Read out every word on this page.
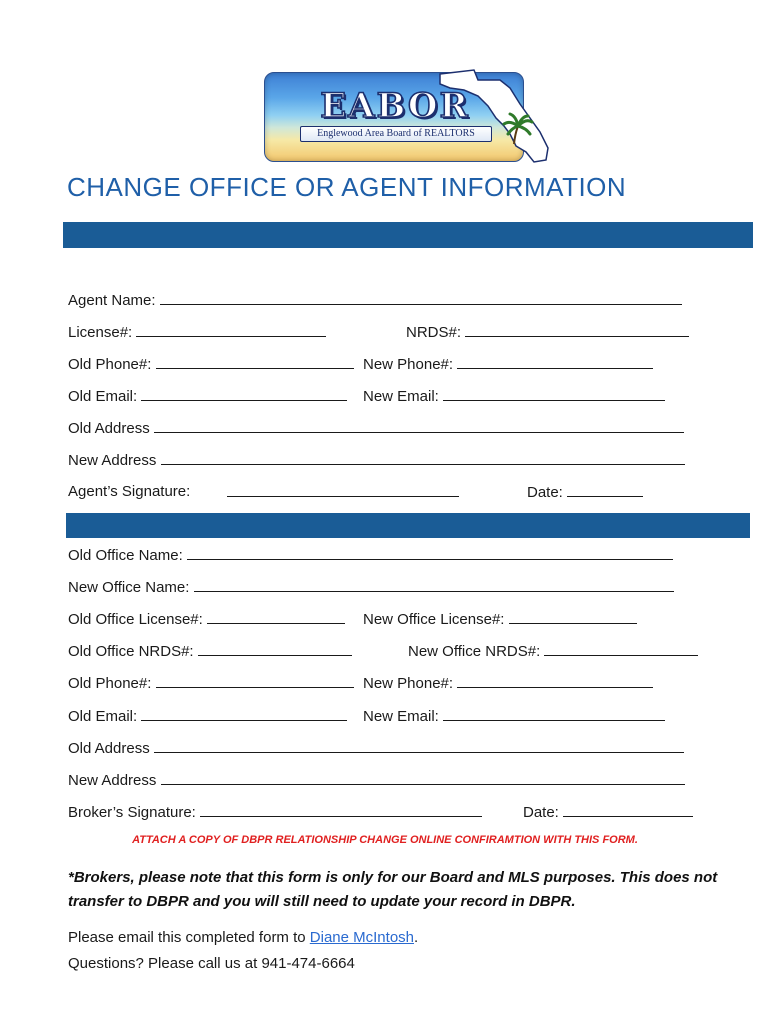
EABOR
Englewood Area Board of REALTORS
CHANGE OFFICE OR AGENT INFORMATION
Agent Name:
License#:	NRDS#:
Old Phone#:	New Phone#:
Old Email:	New Email:
Old Address
New Address
Agent’s Signature:	Date:
Old Office Name:
New Office Name:
Old Office License#:	New Office License#:
Old Office NRDS#:	New Office NRDS#:
Old Phone#:	New Phone#:
Old Email:	New Email:
Old Address
New Address
Broker’s Signature:	Date:
ATTACH A COPY OF DBPR RELATIONSHIP CHANGE ONLINE CONFIRAMTION WITH THIS FORM.
*Brokers, please note that this form is only for our Board and MLS purposes. This does not transfer to DBPR and you will still need to update your record in DBPR.
Please email this completed form to Diane McIntosh.
Questions? Please call us at 941-474-6664
